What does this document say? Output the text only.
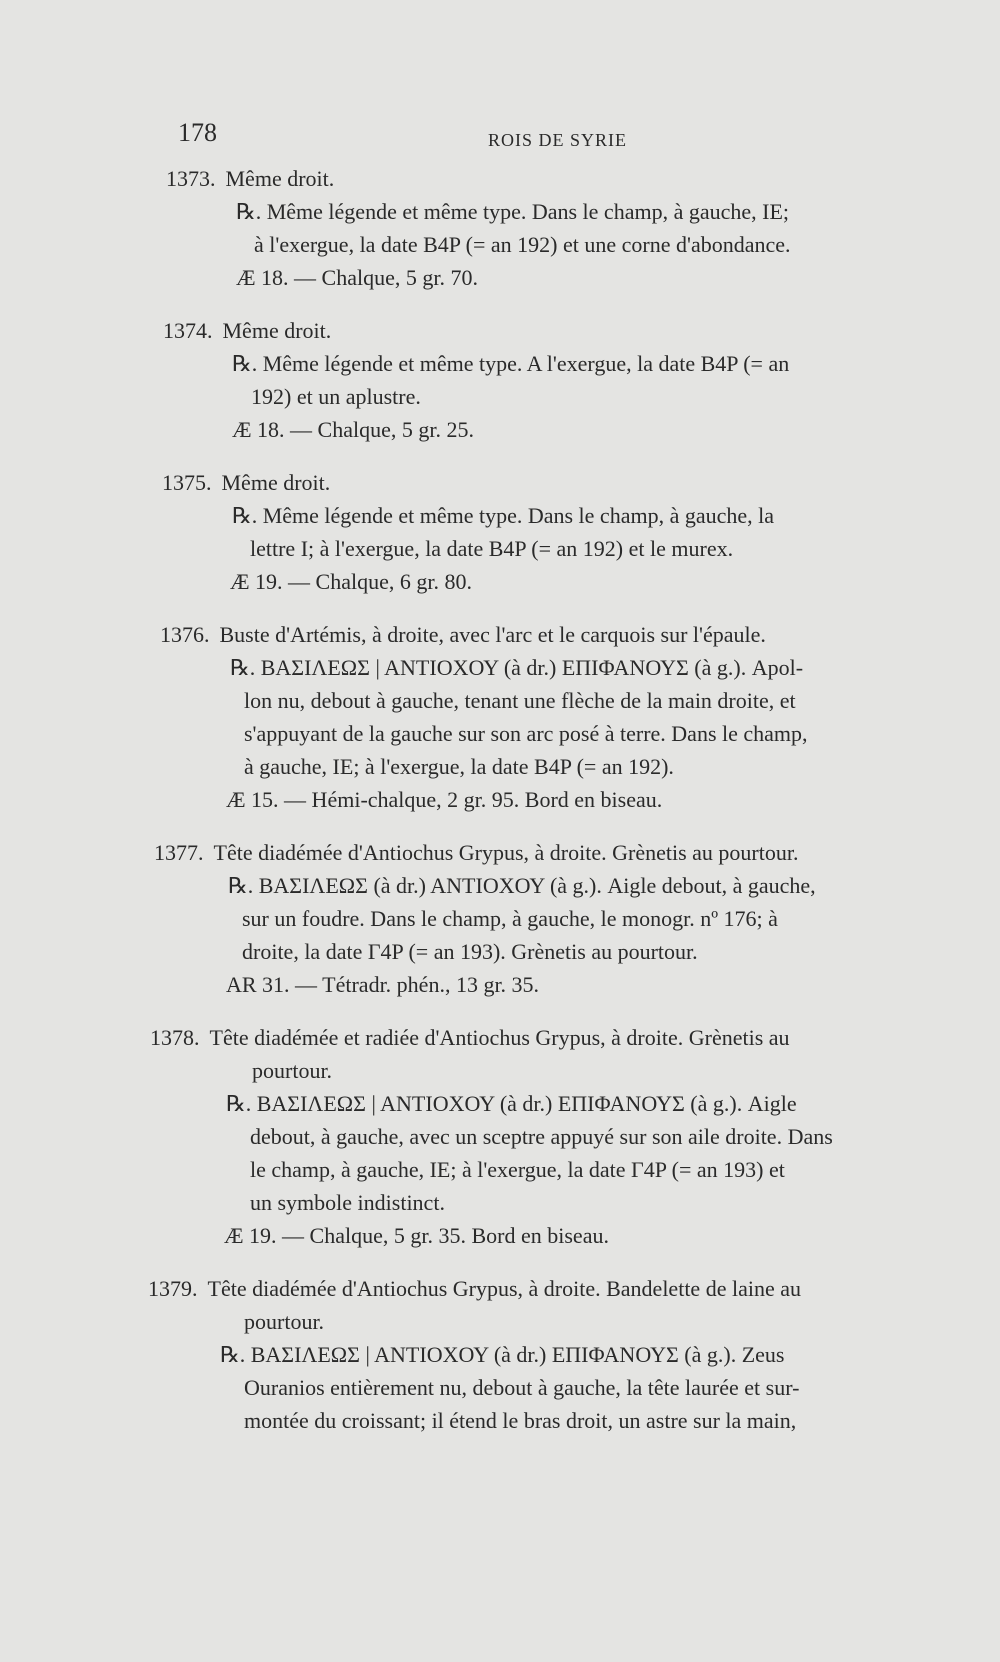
178	ROIS DE SYRIE
1373. Même droit.
℞. Même légende et même type. Dans le champ, à gauche, IE;
à l'exergue, la date B4P (= an 192) et une corne d'abondance.
Æ 18. — Chalque, 5 gr. 70.
1374. Même droit.
℞. Même légende et même type. A l'exergue, la date B4P (= an
192) et un aplustre.
Æ 18. — Chalque, 5 gr. 25.
1375. Même droit.
℞. Même légende et même type. Dans le champ, à gauche, la
lettre I; à l'exergue, la date B4P (= an 192) et le murex.
Æ 19. — Chalque, 6 gr. 80.
1376. Buste d'Artémis, à droite, avec l'arc et le carquois sur l'épaule.
℞. ΒΑΣΙΛΕΩΣ | ΑΝΤΙΟΧΟΥ (à dr.) ΕΠΙΦΑΝΟΥΣ (à g.). Apol-
lon nu, debout à gauche, tenant une flèche de la main droite, et
s'appuyant de la gauche sur son arc posé à terre. Dans le champ,
à gauche, IE; à l'exergue, la date B4P (= an 192).
Æ 15. — Hémi-chalque, 2 gr. 95. Bord en biseau.
1377. Tête diadémée d'Antiochus Grypus, à droite. Grènetis au pourtour.
℞. ΒΑΣΙΛΕΩΣ (à dr.) ΑΝΤΙΟΧΟΥ (à g.). Aigle debout, à gauche,
sur un foudre. Dans le champ, à gauche, le monogr. nº 176; à
droite, la date Γ4P (= an 193). Grènetis au pourtour.
AR 31. — Tétradr. phén., 13 gr. 35.
1378. Tête diadémée et radiée d'Antiochus Grypus, à droite. Grènetis au
pourtour.
℞. ΒΑΣΙΛΕΩΣ | ΑΝΤΙΟΧΟΥ (à dr.) ΕΠΙΦΑΝΟΥΣ (à g.). Aigle
debout, à gauche, avec un sceptre appuyé sur son aile droite. Dans
le champ, à gauche, IE; à l'exergue, la date Γ4P (= an 193) et
un symbole indistinct.
Æ 19. — Chalque, 5 gr. 35. Bord en biseau.
1379. Tête diadémée d'Antiochus Grypus, à droite. Bandelette de laine au
pourtour.
℞. ΒΑΣΙΛΕΩΣ | ΑΝΤΙΟΧΟΥ (à dr.) ΕΠΙΦΑΝΟΥΣ (à g.). Zeus
Ouranios entièrement nu, debout à gauche, la tête laurée et sur-
montée du croissant; il étend le bras droit, un astre sur la main,
